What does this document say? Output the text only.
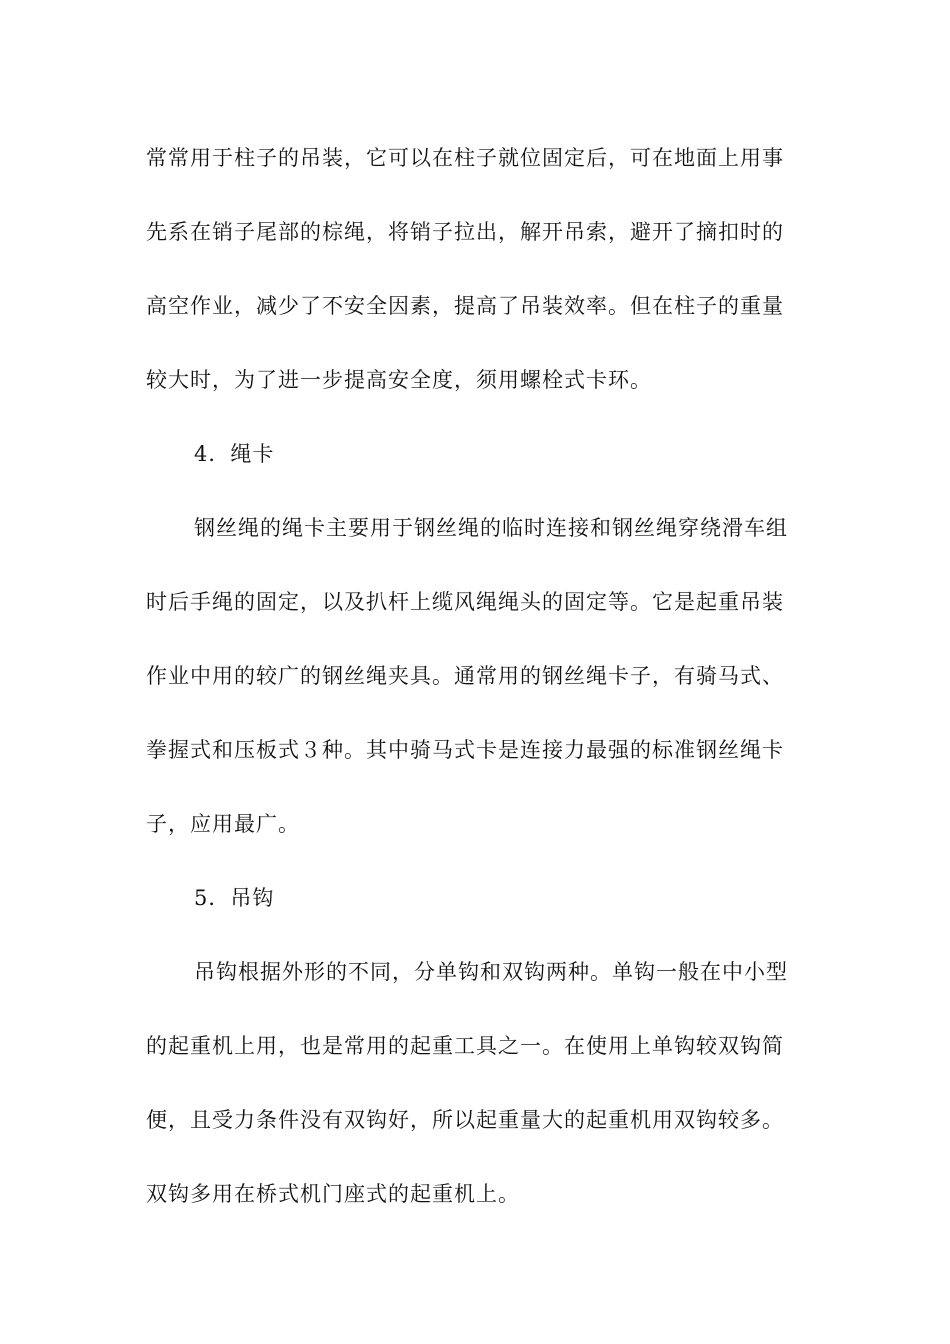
常常用于柱子的吊装，它可以在柱子就位固定后，可在地面上用事
先系在销子尾部的棕绳，将销子拉出，解开吊索，避开了摘扣时的
高空作业，减少了不安全因素，提高了吊装效率。但在柱子的重量
较大时，为了进一步提高安全度，须用螺栓式卡环。
4．绳卡
钢丝绳的绳卡主要用于钢丝绳的临时连接和钢丝绳穿绕滑车组
时后手绳的固定，以及扒杆上缆风绳绳头的固定等。它是起重吊装
作业中用的较广的钢丝绳夹具。通常用的钢丝绳卡子，有骑马式、
拳握式和压板式３种。其中骑马式卡是连接力最强的标准钢丝绳卡
子，应用最广。
5．吊钩
吊钩根据外形的不同，分单钩和双钩两种。单钩一般在中小型
的起重机上用，也是常用的起重工具之一。在使用上单钩较双钩简
便，且受力条件没有双钩好，所以起重量大的起重机用双钩较多。
双钩多用在桥式机门座式的起重机上。
